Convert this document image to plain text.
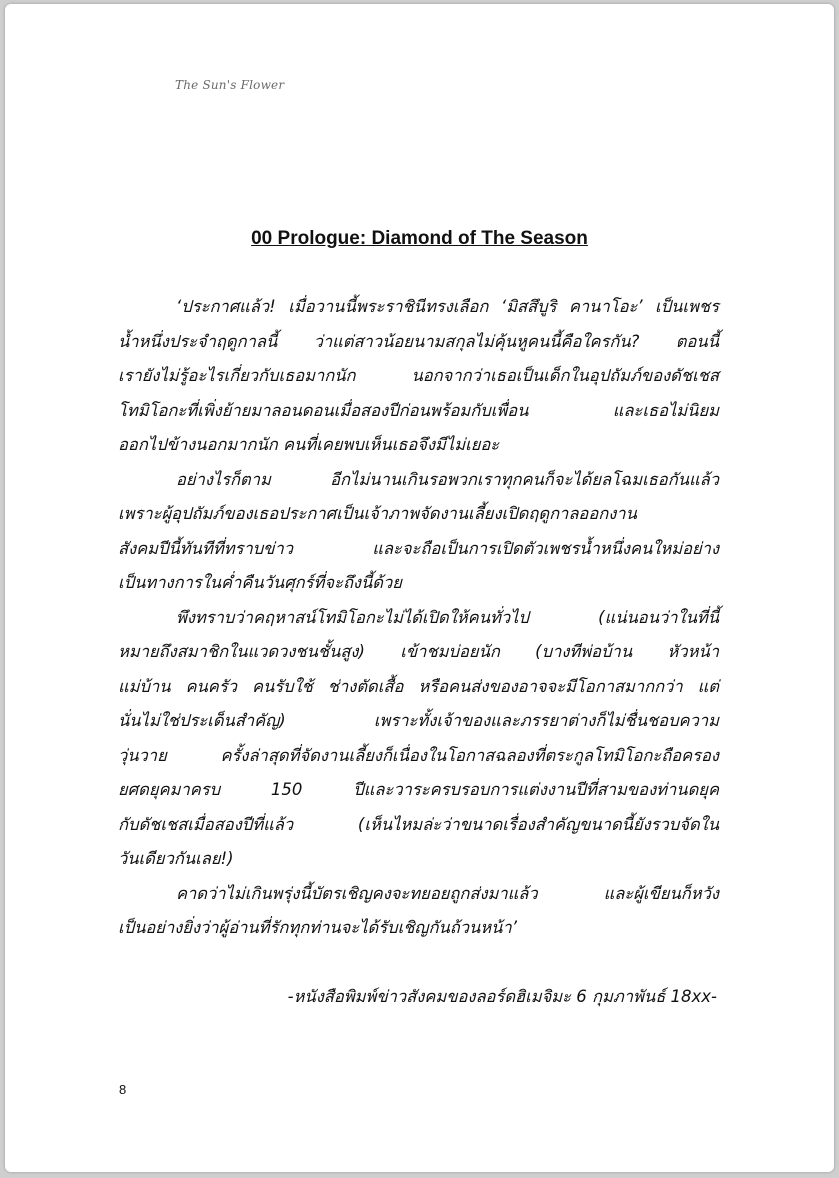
The Sun's Flower
00 Prologue: Diamond of The Season
‘ประกาศแล้ว! เมื่อวานนี้พระราชินีทรงเลือก ‘มิสสึบูริ คานาโอะ’ เป็นเพชร
น้ำหนึ่งประจำฤดูกาลนี้ ว่าแต่สาวน้อยนามสกุลไม่คุ้นหูคนนี้คือใครกัน? ตอนนี้
เรายังไม่รู้อะไรเกี่ยวกับเธอมากนัก นอกจากว่าเธอเป็นเด็กในอุปถัมภ์ของดัชเชส
โทมิโอกะที่เพิ่งย้ายมาลอนดอนเมื่อสองปีก่อนพร้อมกับเพื่อน และเธอไม่นิยม
ออกไปข้างนอกมากนัก คนที่เคยพบเห็นเธอจึงมีไม่เยอะ
อย่างไรก็ตาม อีกไม่นานเกินรอพวกเราทุกคนก็จะได้ยลโฉมเธอกันแล้ว
เพราะผู้อุปถัมภ์ของเธอประกาศเป็นเจ้าภาพจัดงานเลี้ยงเปิดฤดูกาลออกงาน
สังคมปีนี้ทันทีที่ทราบข่าว และจะถือเป็นการเปิดตัวเพชรน้ำหนึ่งคนใหม่อย่าง
เป็นทางการในค่ำคืนวันศุกร์ที่จะถึงนี้ด้วย
พึงทราบว่าคฤหาสน์โทมิโอกะไม่ได้เปิดให้คนทั่วไป (แน่นอนว่าในที่นี้
หมายถึงสมาชิกในแวดวงชนชั้นสูง) เข้าชมบ่อยนัก (บางทีพ่อบ้าน หัวหน้า
แม่บ้าน คนครัว คนรับใช้ ช่างตัดเสื้อ หรือคนส่งของอาจจะมีโอกาสมากกว่า แต่
นั่นไม่ใช่ประเด็นสำคัญ) เพราะทั้งเจ้าของและภรรยาต่างก็ไม่ชื่นชอบความ
วุ่นวาย ครั้งล่าสุดที่จัดงานเลี้ยงก็เนื่องในโอกาสฉลองที่ตระกูลโทมิโอกะถือครอง
ยศดยุคมาครบ 150 ปีและวาระครบรอบการแต่งงานปีที่สามของท่านดยุค
กับดัชเชสเมื่อสองปีที่แล้ว (เห็นไหมล่ะว่าขนาดเรื่องสำคัญขนาดนี้ยังรวบจัดใน
วันเดียวกันเลย!)
คาดว่าไม่เกินพรุ่งนี้บัตรเชิญคงจะทยอยถูกส่งมาแล้ว และผู้เขียนก็หวัง
เป็นอย่างยิ่งว่าผู้อ่านที่รักทุกท่านจะได้รับเชิญกันถ้วนหน้า’
-หนังสือพิมพ์ข่าวสังคมของลอร์ดฮิเมจิมะ 6 กุมภาพันธ์ 18xx-
8
